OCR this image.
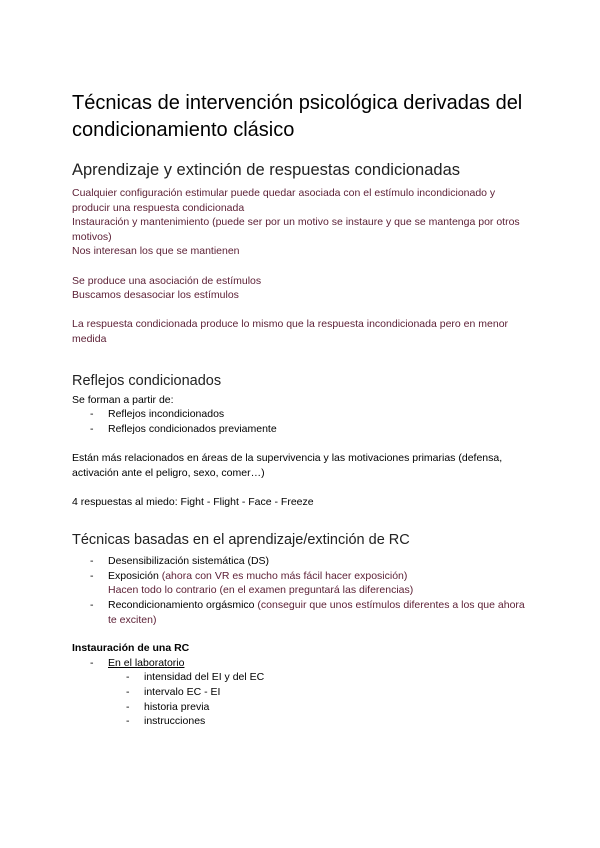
Técnicas de intervención psicológica derivadas del condicionamiento clásico
Aprendizaje y extinción de respuestas condicionadas

Cualquier configuración estimular puede quedar asociada con el estímulo incondicionado y producir una respuesta condicionada

Instauración y mantenimiento (puede ser por un motivo se instaure y que se mantenga por otros motivos)

Nos interesan los que se mantienen

Se produce una asociación de estímulos

Buscamos desasociar los estímulos

La respuesta condicionada produce lo mismo que la respuesta incondicionada pero en menor medida

Reflejos condicionados

Se forman a partir de:

- Reflejos incondicionados
- Reflejos condicionados previamente

Están más relacionados en áreas de la supervivencia y las motivaciones primarias (defensa, activación ante el peligro, sexo, comer…)

4 respuestas al miedo: Fight - Flight - Face - Freeze

Técnicas basadas en el aprendizaje/extinción de RC
- Desensibilización sistemática (DS)
- Exposición (ahora con VR es mucho más fácil hacer exposición)
Hacen todo lo contrario (en el examen preguntará las diferencias)
- Recondicionamiento orgásmico (conseguir que unos estímulos diferentes a los que ahora te exciten)

Instauración de una RC

- En el laboratorio
- intensidad del EI y del EC
- intervalo EC - EI
- historia previa
- instrucciones
